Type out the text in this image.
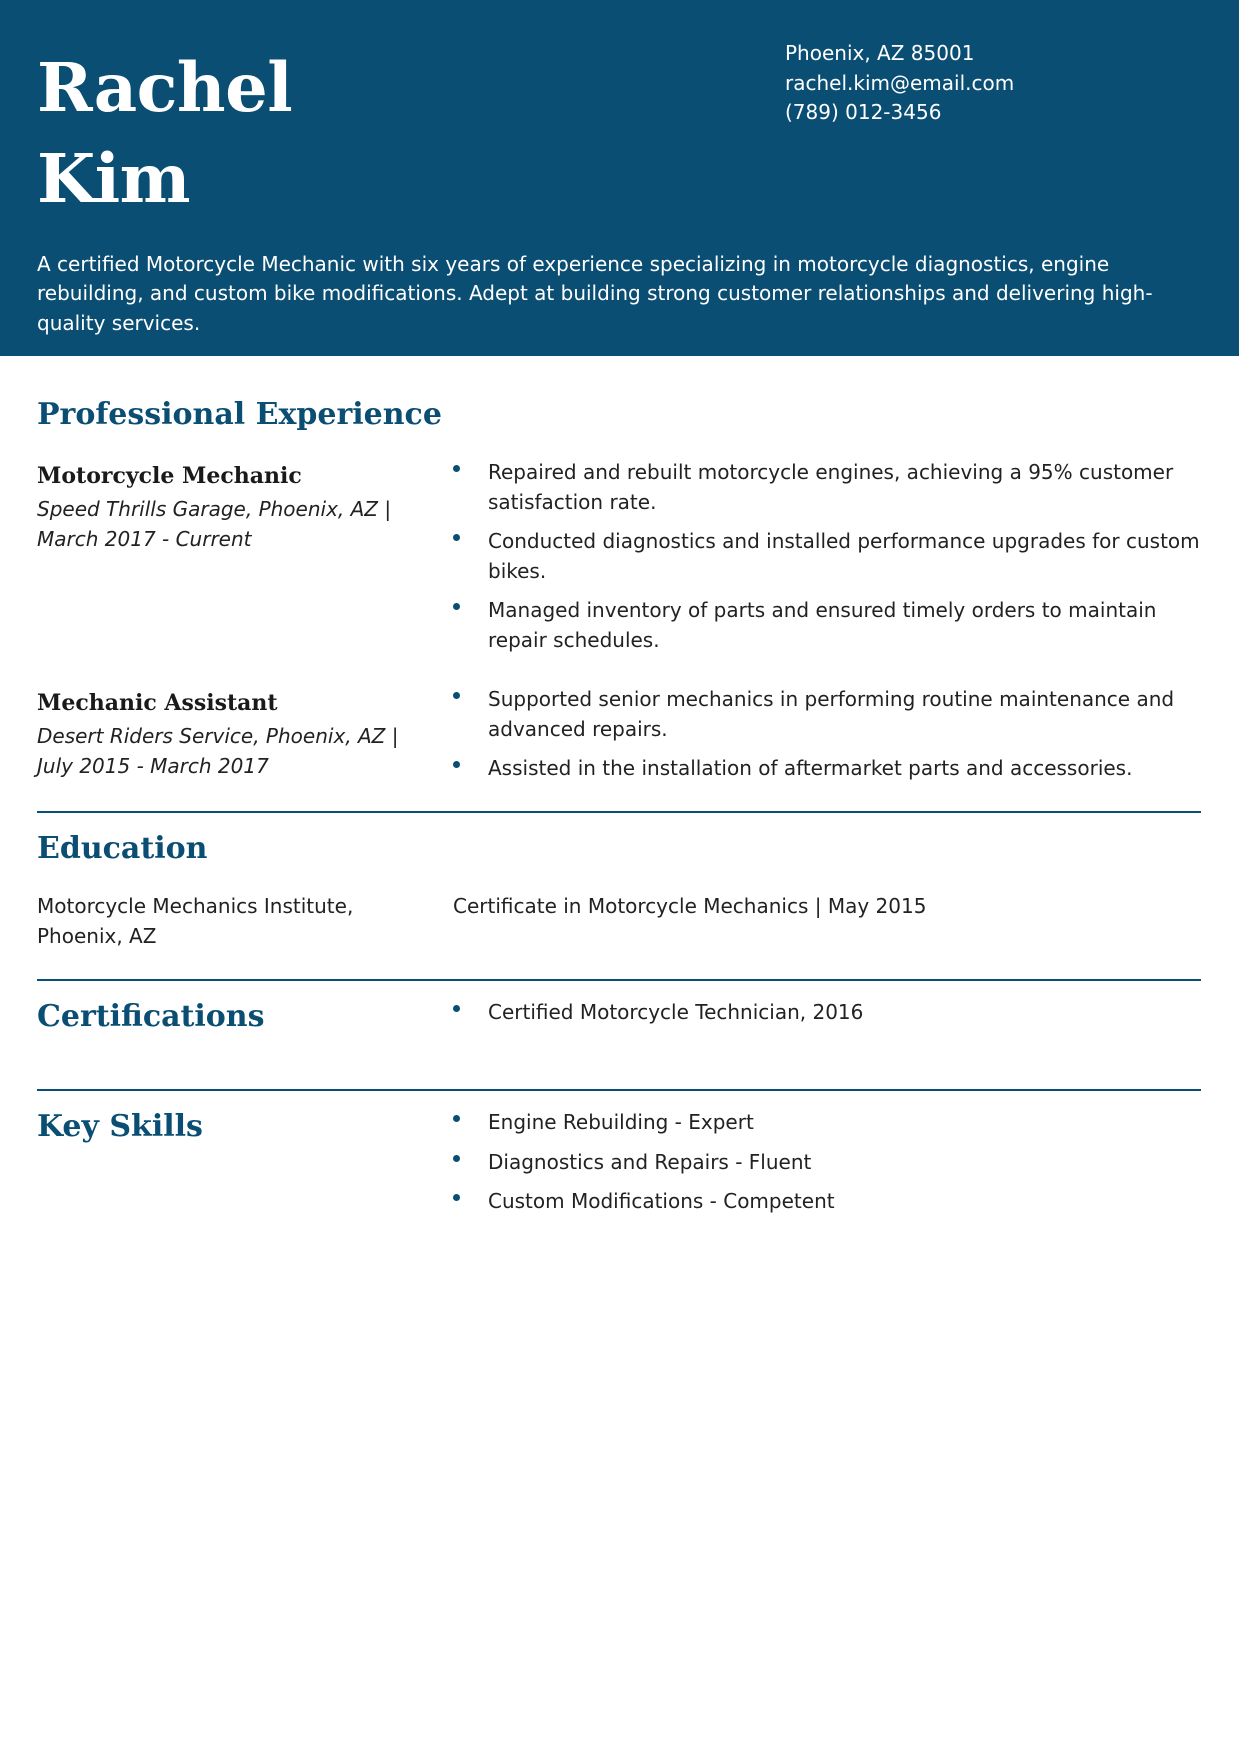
Rachel
Kim
Phoenix, AZ 85001
rachel.kim@email.com
(789) 012-3456
A certified Motorcycle Mechanic with six years of experience specializing in motorcycle diagnostics, engine rebuilding, and custom bike modifications. Adept at building strong customer relationships and delivering high-quality services.
Professional Experience
Motorcycle Mechanic
Speed Thrills Garage, Phoenix, AZ |
March 2017 - Current
Repaired and rebuilt motorcycle engines, achieving a 95% customer satisfaction rate.
Conducted diagnostics and installed performance upgrades for custom bikes.
Managed inventory of parts and ensured timely orders to maintain repair schedules.
Mechanic Assistant
Desert Riders Service, Phoenix, AZ |
July 2015 - March 2017
Supported senior mechanics in performing routine maintenance and advanced repairs.
Assisted in the installation of aftermarket parts and accessories.
Education
Motorcycle Mechanics Institute,
Phoenix, AZ
Certificate in Motorcycle Mechanics | May 2015
Certifications	Certified Motorcycle Technician, 2016
Key Skills	Engine Rebuilding - Expert
Diagnostics and Repairs - Fluent
Custom Modifications - Competent
